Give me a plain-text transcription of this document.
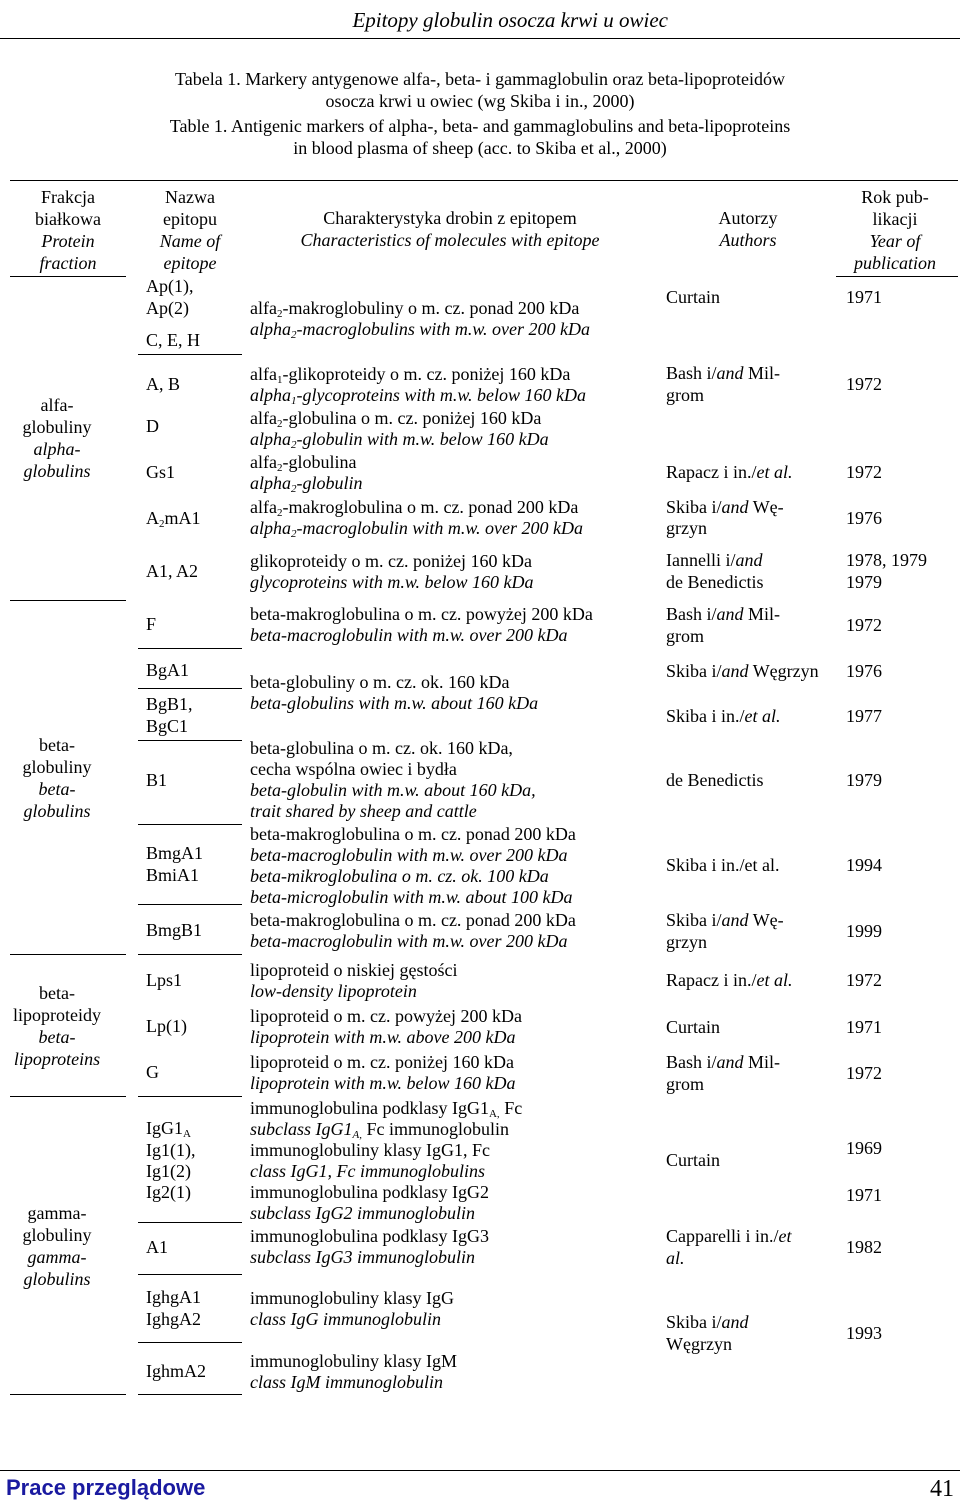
Epitopy globulin osocza krwi u owiec
Tabela 1. Markery antygenowe alfa-, beta- i gammaglobulin oraz beta-lipoproteidów
osocza krwi u owiec (wg Skiba i in., 2000)
Table 1. Antigenic markers of alpha-, beta- and gammaglobulins and beta-lipoproteins
in blood plasma of sheep (acc. to Skiba et al., 2000)
Frakcja
białkowa
Protein
fraction
Nazwa
epitopu
Name of
epitope
Charakterystyka drobin z epitopem
Characteristics of molecules with epitope
Autorzy
Authors
Rok pub-
likacji
Year of
publication
alfa-
globuliny
alpha-
globulins
beta-
globuliny
beta-
globulins
beta-
lipoproteidy
beta-
lipoproteins
gamma-
globuliny
gamma-
globulins
Ap(1),
Ap(2)
C, E, H
A, B
D
Gs1
$A_2mA1$
A1, A2
F
BgA1
BgB1,
BgC1
B1
BmgA1
BmiA1
BmgB1
Lps1
Lp(1)
G
$IgG1_A$
Ig1(1),
Ig1(2)
Ig2(1)
A1
IghgA1
IghgA2
IghmA2
alfa$_2$-makroglobuliny o m. cz. ponad 200 kDa
alpha$_2$-macroglobulins with m.w. over 200 kDa
alfa$_1$-glikoproteidy o m. cz. poniżej 160 kDa
alpha$_1$-glycoproteins with m.w. below 160 kDa
alfa$_2$-globulina o m. cz. poniżej 160 kDa
alpha$_2$-globulin with m.w. below 160 kDa
alfa$_2$-globulina
alpha$_2$-globulin
alfa$_2$-makroglobulina o m. cz. ponad 200 kDa
alpha$_2$-macroglobulin with m.w. over 200 kDa
glikoproteidy o m. cz. poniżej 160 kDa
glycoproteins with m.w. below 160 kDa
beta-makroglobulina o m. cz. powyżej 200 kDa
beta-macroglobulin with m.w. over 200 kDa
beta-globuliny o m. cz. ok. 160 kDa
beta-globulins with m.w. about 160 kDa
beta-globulina o m. cz. ok. 160 kDa,
cecha wspólna owiec i bydła
beta-globulin with m.w. about 160 kDa,
trait shared by sheep and cattle
beta-makroglobulina o m. cz. ponad 200 kDa
beta-macroglobulin with m.w. over 200 kDa
beta-mikroglobulina o m. cz. ok. 100 kDa
beta-microglobulin with m.w. about 100 kDa
beta-makroglobulina o m. cz. ponad 200 kDa
beta-macroglobulin with m.w. over 200 kDa
lipoproteid o niskiej gęstości
low-density lipoprotein
lipoproteid o m. cz. powyżej 200 kDa
lipoprotein with m.w. above 200 kDa
lipoproteid o m. cz. poniżej 160 kDa
lipoprotein with m.w. below 160 kDa
immunoglobulina podklasy $IgG1_{A,}$ Fc
subclass $IgG1_{A,}$ Fc immunoglobulin
immunoglobuliny klasy IgG1, Fc
class IgG1, Fc immunoglobulins
immunoglobulina podklasy IgG2
subclass IgG2 immunoglobulin
immunoglobulina podklasy IgG3
subclass IgG3 immunoglobulin
immunoglobuliny klasy IgG
class IgG immunoglobulin
immunoglobuliny klasy IgM
class IgM immunoglobulin
Curtain
Bash i/and Mil-
grom
Rapacz i in./et al.
Skiba i/and Wę-
grzyn
Iannelli i/and
de Benedictis
Bash i/and Mil-
grom
Skiba i/and Węgrzyn
Skiba i in./et al.
de Benedictis
Skiba i in./et al.
Skiba i/and Wę-
grzyn
Rapacz i in./et al.
Curtain
Bash i/and Mil-
grom
Curtain
Capparelli i in./et
al.
Skiba i/and
Węgrzyn
1971
1972
1972
1976
1978, 1979
1979
1972
1976
1977
1979
1994
1999
1972
1971
1972
1969
1971
1982
1993
Prace przeglądowe	41
